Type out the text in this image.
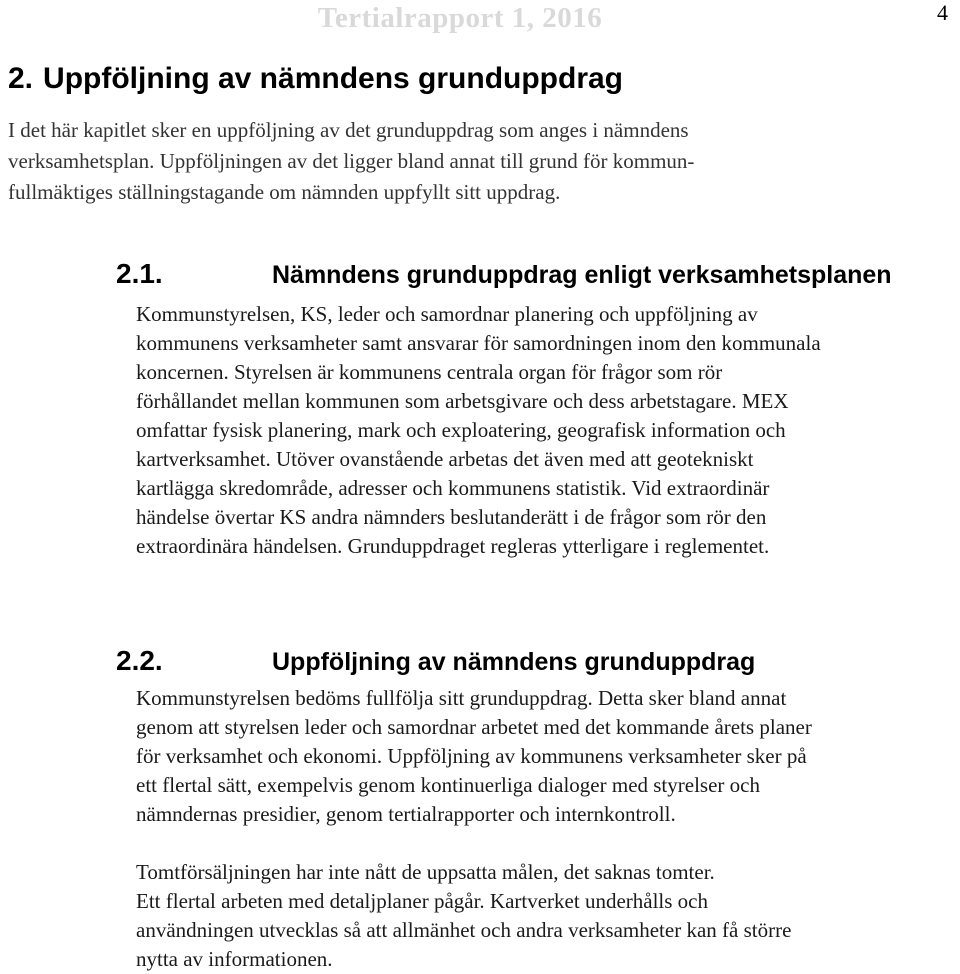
Tertialrapport 1, 2016	4
2. Uppföljning av nämndens grunduppdrag

I det här kapitlet sker en uppföljning av det grunduppdrag som anges i nämndens

verksamhetsplan. Uppföljningen av det ligger bland annat till grund för kommun-

fullmäktiges ställningstagande om nämnden uppfyllt sitt uppdrag.

2.1.	Nämndens grunduppdrag enligt verksamhetsplanen

Kommunstyrelsen, KS, leder och samordnar planering och uppföljning av

kommunens verksamheter samt ansvarar för samordningen inom den kommunala

koncernen. Styrelsen är kommunens centrala organ för frågor som rör

förhållandet mellan kommunen som arbetsgivare och dess arbetstagare. MEX

omfattar fysisk planering, mark och exploatering, geografisk information och

kartverksamhet. Utöver ovanstående arbetas det även med att geotekniskt

kartlägga skredområde, adresser och kommunens statistik. Vid extraordinär

händelse övertar KS andra nämnders beslutanderätt i de frågor som rör den

extraordinära händelsen. Grunduppdraget regleras ytterligare i reglementet.

2.2.	Uppföljning av nämndens grunduppdrag

Kommunstyrelsen bedöms fullfölja sitt grunduppdrag. Detta sker bland annat

genom att styrelsen leder och samordnar arbetet med det kommande årets planer

för verksamhet och ekonomi. Uppföljning av kommunens verksamheter sker på

ett flertal sätt, exempelvis genom kontinuerliga dialoger med styrelser och

nämndernas presidier, genom tertialrapporter och internkontroll.

Tomtförsäljningen har inte nått de uppsatta målen, det saknas tomter.

Ett flertal arbeten med detaljplaner pågår. Kartverket underhålls och

användningen utvecklas så att allmänhet och andra verksamheter kan få större

nytta av informationen.
